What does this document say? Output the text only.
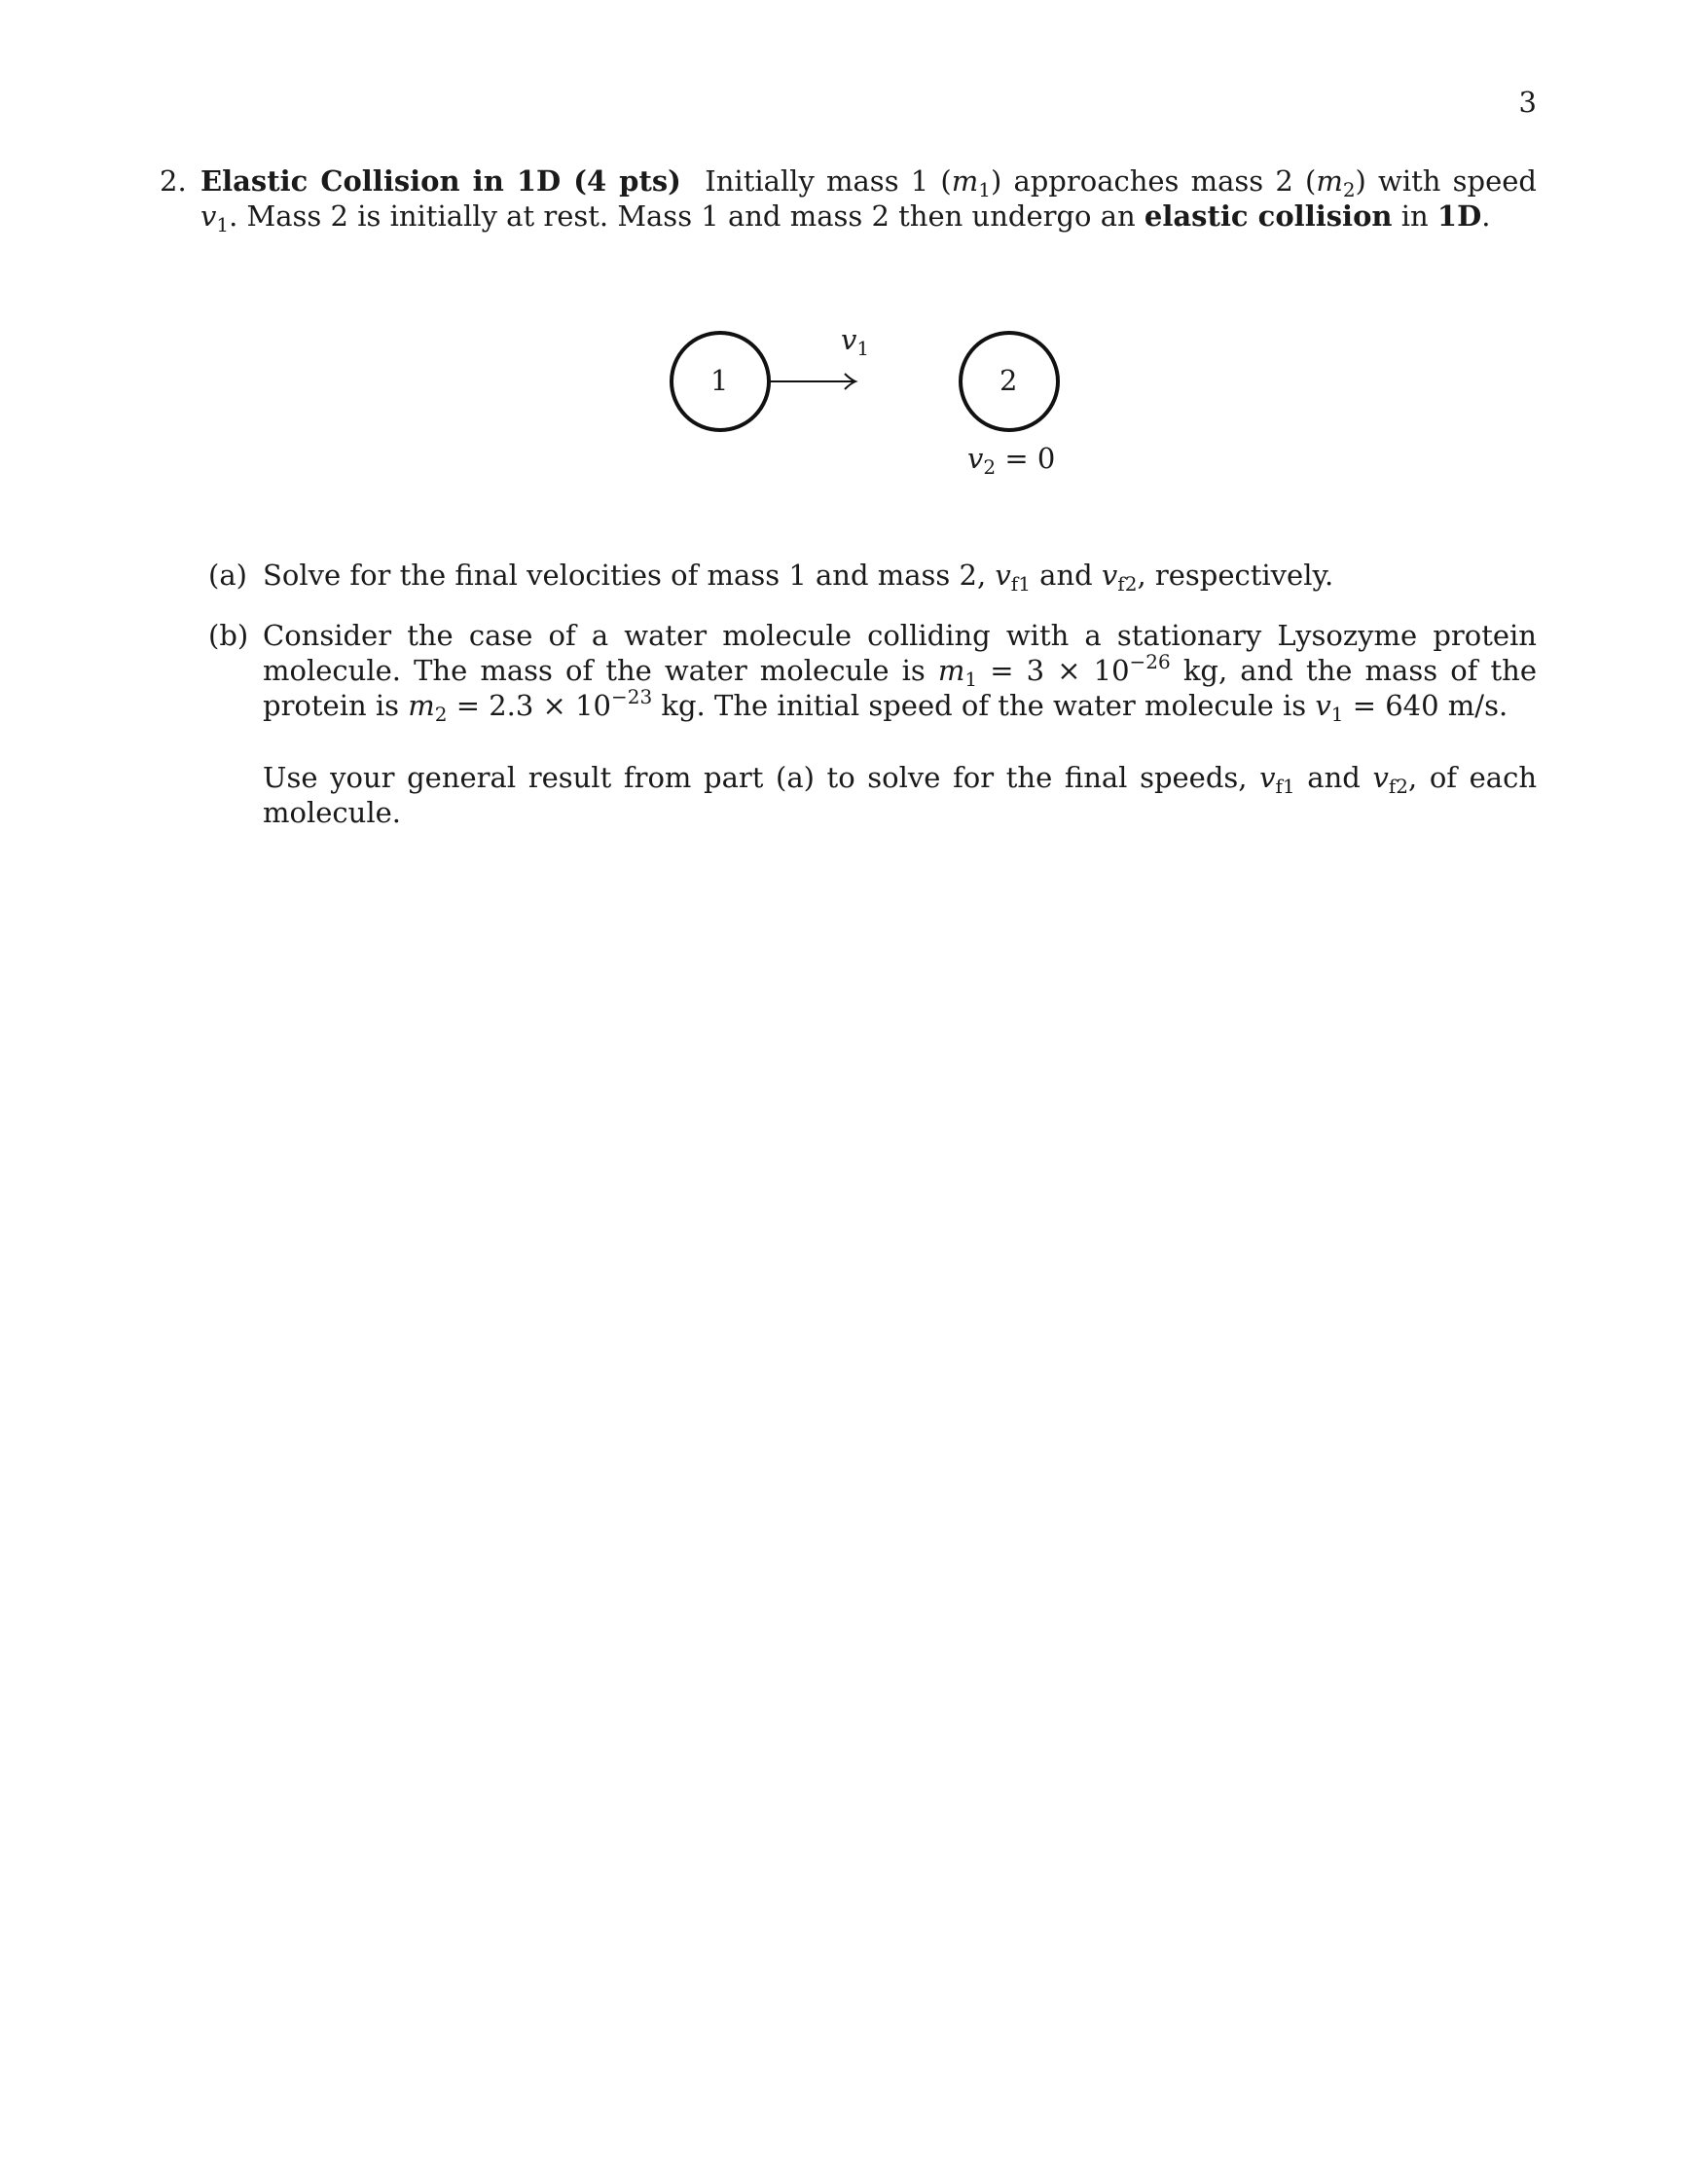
3
2. Elastic Collision in 1D (4 pts) Initially mass 1 $(m_1)$ approaches mass 2 $(m_2)$ with speed $v_1$. Mass 2 is initially at rest. Mass 1 and mass 2 then undergo an elastic collision in 1D.
1	2
$v_1$
$v_2 = 0$
(a) Solve for the final velocities of mass 1 and mass 2, $v_{f1}$ and $v_{f2}$, respectively.
(b) Consider the case of a water molecule colliding with a stationary Lysozyme protein molecule. The mass of the water molecule is $m_1 = 3 \times 10^{-26}$ kg, and the mass of the protein is $m_2 = 2.3 \times 10^{-23}$ kg. The initial speed of the water molecule is $v_1 = 640$ m/s.
Use your general result from part (a) to solve for the final speeds, $v_{f1}$ and $v_{f2}$, of each molecule.
